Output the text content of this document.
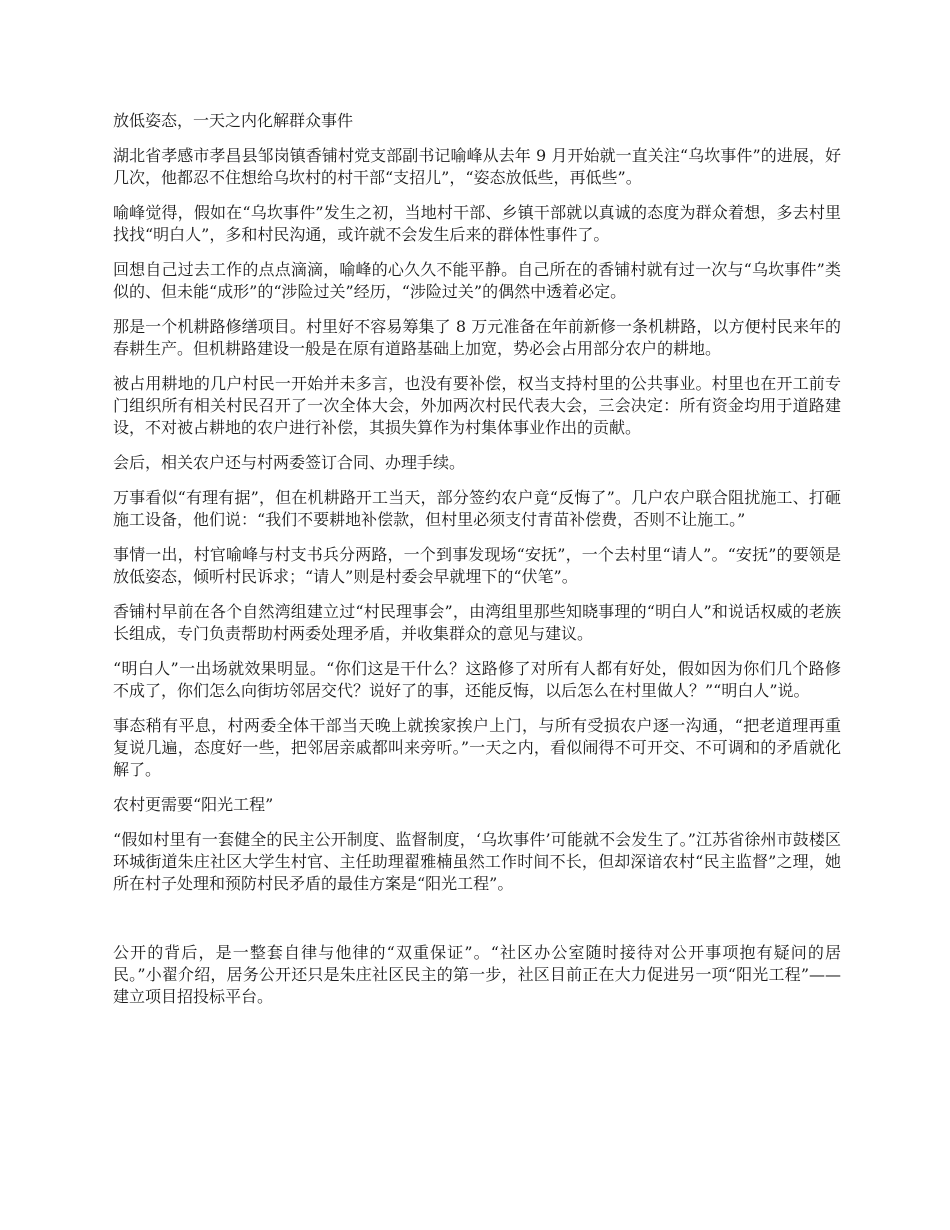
放低姿态，一天之内化解群众事件

湖北省孝感市孝昌县邹岗镇香铺村党支部副书记喻峰从去年 9 月开始就一直关注“乌坎事件”的进展，好几次，他都忍不住想给乌坎村的村干部“支招儿”，“姿态放低些，再低些”。

喻峰觉得，假如在“乌坎事件”发生之初，当地村干部、乡镇干部就以真诚的态度为群众着想，多去村里找找“明白人”，多和村民沟通，或许就不会发生后来的群体性事件了。

回想自己过去工作的点点滴滴，喻峰的心久久不能平静。自己所在的香铺村就有过一次与“乌坎事件”类似的、但未能“成形”的“涉险过关”经历，“涉险过关”的偶然中透着必定。

那是一个机耕路修缮项目。村里好不容易筹集了 8 万元准备在年前新修一条机耕路，以方便村民来年的春耕生产。但机耕路建设一般是在原有道路基础上加宽，势必会占用部分农户的耕地。

被占用耕地的几户村民一开始并未多言，也没有要补偿，权当支持村里的公共事业。村里也在开工前专门组织所有相关村民召开了一次全体大会，外加两次村民代表大会，三会决定：所有资金均用于道路建设，不对被占耕地的农户进行补偿，其损失算作为村集体事业作出的贡献。

会后，相关农户还与村两委签订合同、办理手续。

万事看似“有理有据”，但在机耕路开工当天，部分签约农户竟“反悔了”。几户农户联合阻扰施工、打砸施工设备，他们说：“我们不要耕地补偿款，但村里必须支付青苗补偿费，否则不让施工。”

事情一出，村官喻峰与村支书兵分两路，一个到事发现场“安抚”，一个去村里“请人”。“安抚”的要领是放低姿态，倾听村民诉求；“请人”则是村委会早就埋下的“伏笔”。

香铺村早前在各个自然湾组建立过“村民理事会”，由湾组里那些知晓事理的“明白人”和说话权威的老族长组成，专门负责帮助村两委处理矛盾，并收集群众的意见与建议。

“明白人”一出场就效果明显。“你们这是干什么？这路修了对所有人都有好处，假如因为你们几个路修不成了，你们怎么向街坊邻居交代？说好了的事，还能反悔，以后怎么在村里做人？”“明白人”说。

事态稍有平息，村两委全体干部当天晚上就挨家挨户上门，与所有受损农户逐一沟通，“把老道理再重复说几遍，态度好一些，把邻居亲戚都叫来旁听。”一天之内，看似闹得不可开交、不可调和的矛盾就化解了。

农村更需要“阳光工程”

“假如村里有一套健全的民主公开制度、监督制度，‘乌坎事件’可能就不会发生了。”江苏省徐州市鼓楼区环城街道朱庄社区大学生村官、主任助理翟雅楠虽然工作时间不长，但却深谙农村“民主监督”之理，她所在村子处理和预防村民矛盾的最佳方案是“阳光工程”。

公开的背后，是一整套自律与他律的“双重保证”。“社区办公室随时接待对公开事项抱有疑问的居民。”小翟介绍，居务公开还只是朱庄社区民主的第一步，社区目前正在大力促进另一项“阳光工程”——建立项目招投标平台。
